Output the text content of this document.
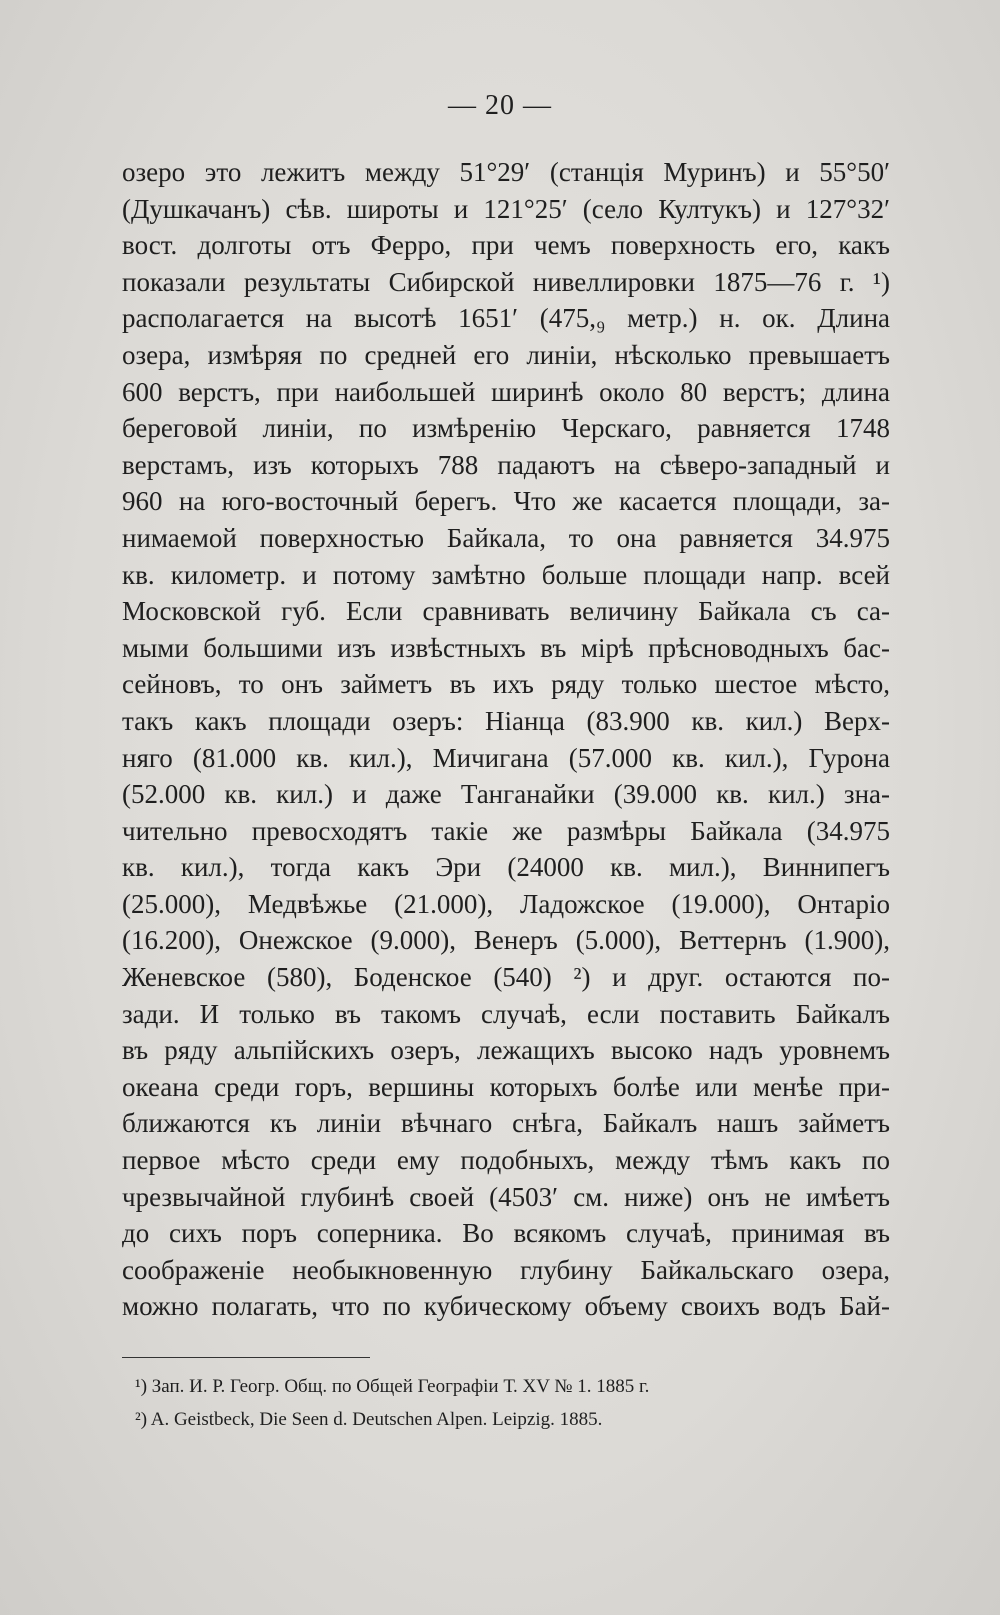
— 20 —
озеро это лежитъ между 51°29′ (станція Муринъ) и 55°50′
(Душкачанъ) сѣв. широты и 121°25′ (село Култукъ) и 127°32′
вост. долготы отъ Ферро, при чемъ поверхность его, какъ
показали результаты Сибирской нивеллировки 1875—76 г. ¹)
располагается на высотѣ 1651′ (475,₉ метр.) н. ок. Длина
озера, измѣряя по средней его линіи, нѣсколько превышаетъ
600 верстъ, при наибольшей ширинѣ около 80 верстъ; длина
береговой линіи, по измѣренію Черскаго, равняется 1748
верстамъ, изъ которыхъ 788 падаютъ на сѣверо-западный и
960 на юго-восточный берегъ. Что же касается площади, за-
нимаемой поверхностью Байкала, то она равняется 34.975
кв. километр. и потому замѣтно больше площади напр. всей
Московской губ. Если сравнивать величину Байкала съ са-
мыми большими изъ извѣстныхъ въ мірѣ прѣсноводныхъ бас-
сейновъ, то онъ займетъ въ ихъ ряду только шестое мѣсто,
такъ какъ площади озеръ: Ніанца (83.900 кв. кил.) Верх-
няго (81.000 кв. кил.), Мичигана (57.000 кв. кил.), Гурона
(52.000 кв. кил.) и даже Танганайки (39.000 кв. кил.) зна-
чительно превосходятъ такіе же размѣры Байкала (34.975
кв. кил.), тогда какъ Эри (24000 кв. мил.), Виннипегъ
(25.000), Медвѣжье (21.000), Ладожское (19.000), Онтаріо
(16.200), Онежское (9.000), Венеръ (5.000), Веттернъ (1.900),
Женевское (580), Боденское (540) ²) и друг. остаются по-
зади. И только въ такомъ случаѣ, если поставить Байкалъ
въ ряду альпійскихъ озеръ, лежащихъ высоко надъ уровнемъ
океана среди горъ, вершины которыхъ болѣе или менѣе при-
ближаются къ линіи вѣчнаго снѣга, Байкалъ нашъ займетъ
первое мѣсто среди ему подобныхъ, между тѣмъ какъ по
чрезвычайной глубинѣ своей (4503′ см. ниже) онъ не имѣетъ
до сихъ поръ соперника. Во всякомъ случаѣ, принимая въ
соображеніе необыкновенную глубину Байкальскаго озера,
можно полагать, что по кубическому объему своихъ водъ Бай-
¹) Зап. И. Р. Геогр. Общ. по Общей Географіи Т. XV № 1. 1885 г.
²) A. Geistbeck, Die Seen d. Deutschen Alpen. Leipzig. 1885.
